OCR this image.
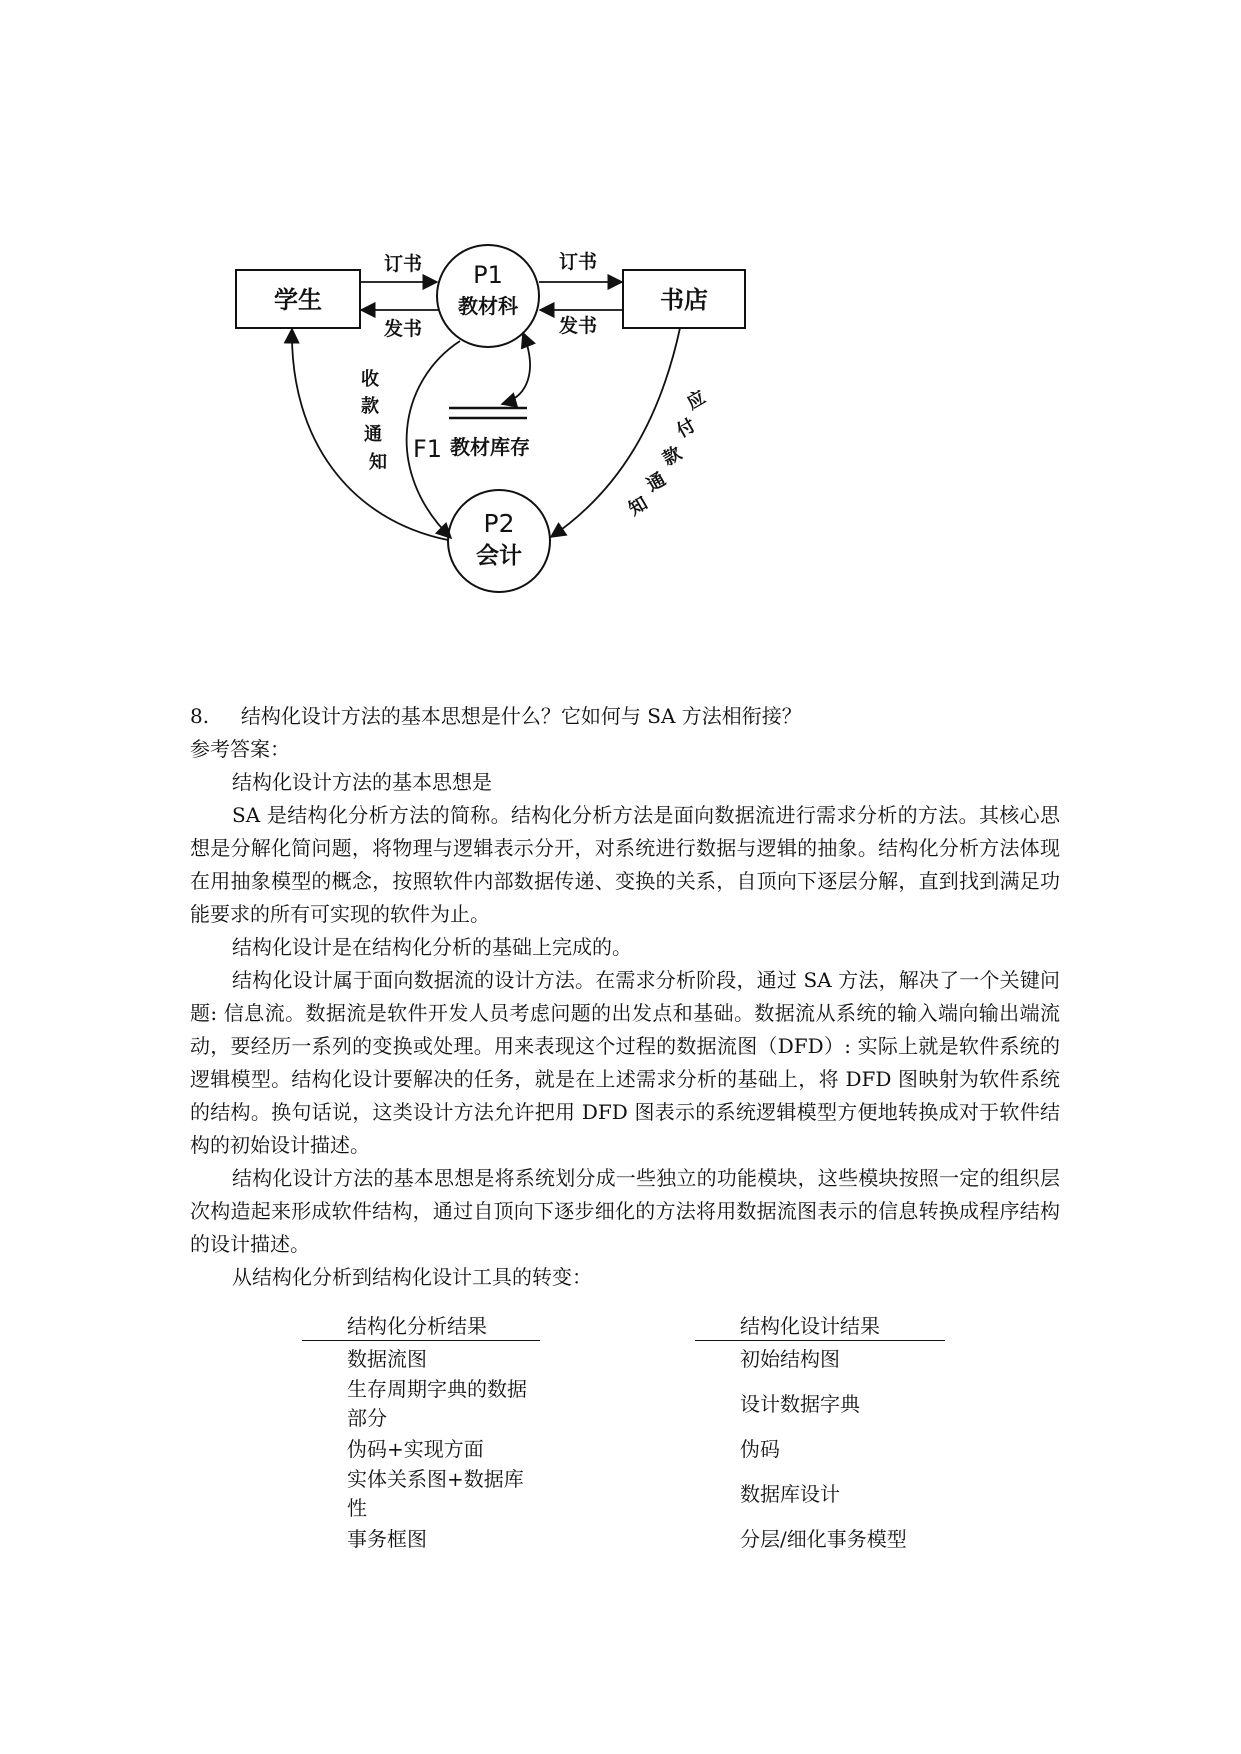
学生	书店
P1
教材科
P2
会计
F1 教材库存
订书
发书
订书
发书
收
款
通
知
应
付
款
通
知

8. 结构化设计方法的基本思想是什么？它如何与 SA 方法相衔接？

参考答案：

结构化设计方法的基本思想是

SA 是结构化分析方法的简称。结构化分析方法是面向数据流进行需求分析的方法。其核心思想是分解化简问题，将物理与逻辑表示分开，对系统进行数据与逻辑的抽象。结构化分析方法体现在用抽象模型的概念，按照软件内部数据传递、变换的关系，自顶向下逐层分解，直到找到满足功能要求的所有可实现的软件为止。

结构化设计是在结构化分析的基础上完成的。

结构化设计属于面向数据流的设计方法。在需求分析阶段，通过 SA 方法，解决了一个关键问题: 信息流。数据流是软件开发人员考虑问题的出发点和基础。数据流从系统的输入端向输出端流动，要经历一系列的变换或处理。用来表现这个过程的数据流图（DFD）: 实际上就是软件系统的逻辑模型。结构化设计要解决的任务，就是在上述需求分析的基础上，将 DFD 图映射为软件系统的结构。换句话说，这类设计方法允许把用 DFD 图表示的系统逻辑模型方便地转换成对于软件结构的初始设计描述。

结构化设计方法的基本思想是将系统划分成一些独立的功能模块，这些模块按照一定的组织层次构造起来形成软件结构，通过自顶向下逐步细化的方法将用数据流图表示的信息转换成程序结构的设计描述。

从结构化分析到结构化设计工具的转变：

结构化分析结果		结构化设计结果
数据流图		初始结构图
生存周期字典的数据部分		设计数据字典
伪码+实现方面		伪码
实体关系图+数据库性		数据库设计
事务框图		分层/细化事务模型
